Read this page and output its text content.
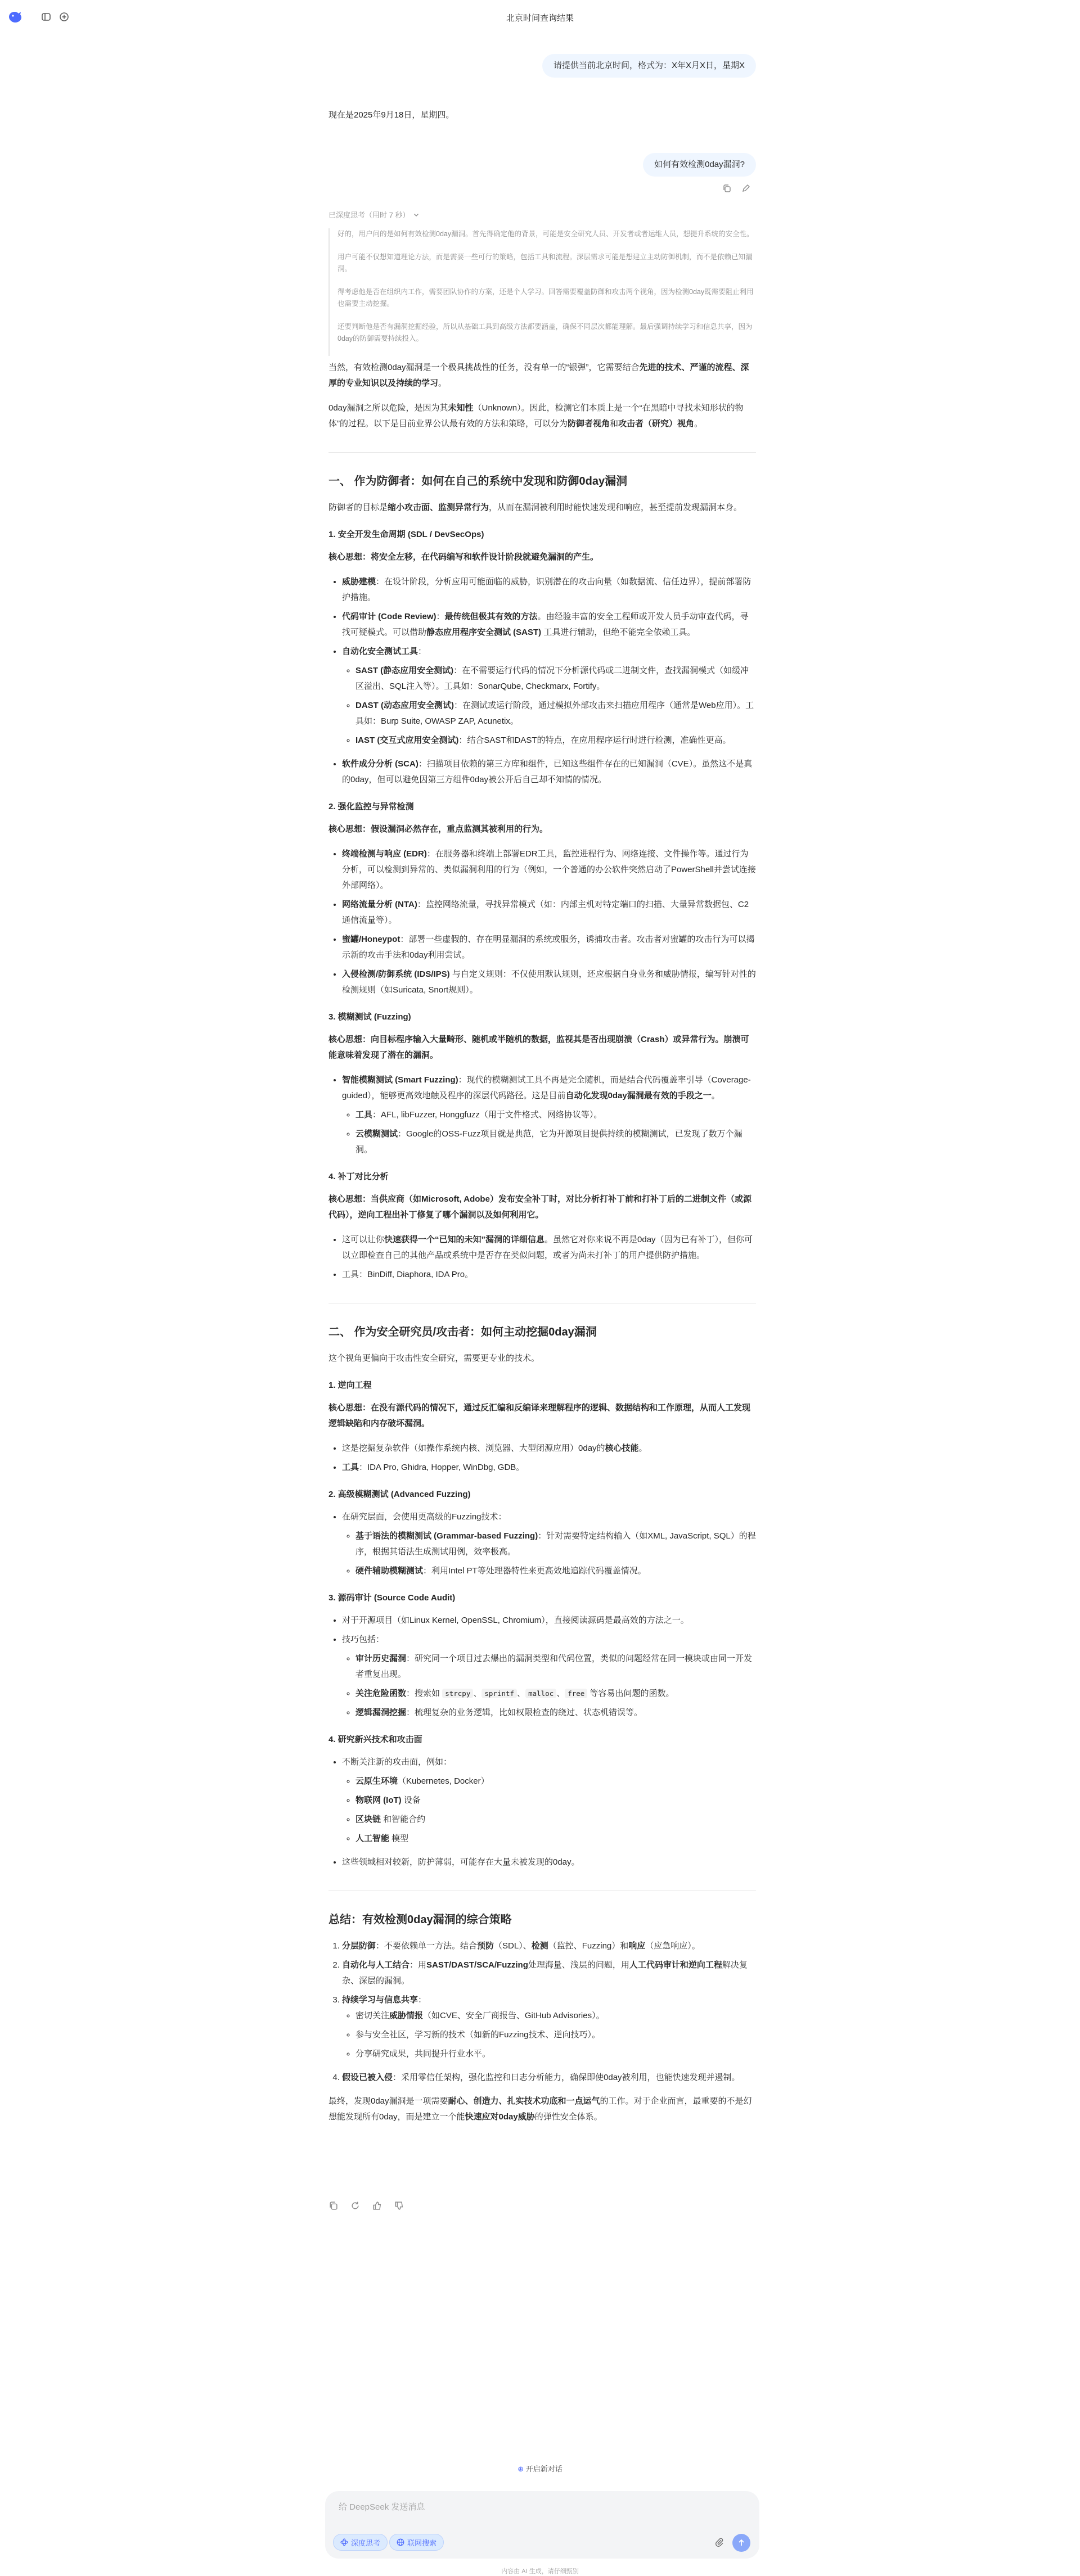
北京时间查询结果
请提供当前北京时间，格式为：X年X月X日，星期X
现在是2025年9月18日，星期四。
如何有效检测0day漏洞?
已深度思考（用时 7 秒）

好的，用户问的是如何有效检测0day漏洞。首先得确定他的背景，可能是安全研究人员、开发者或者运维人员，想提升系统的安全性。

用户可能不仅想知道理论方法，而是需要一些可行的策略，包括工具和流程。深层需求可能是想建立主动防御机制，而不是依赖已知漏洞。

得考虑他是否在组织内工作，需要团队协作的方案，还是个人学习。回答需要覆盖防御和攻击两个视角，因为检测0day既需要阻止利用也需要主动挖掘。

还要判断他是否有漏洞挖掘经验，所以从基础工具到高级方法都要涵盖，确保不同层次都能理解。最后强调持续学习和信息共享，因为0day的防御需要持续投入。

当然，有效检测0day漏洞是一个极具挑战性的任务，没有单一的“银弹”，它需要结合先进的技术、严谨的流程、深厚的专业知识以及持续的学习。

0day漏洞之所以危险，是因为其未知性（Unknown）。因此，检测它们本质上是一个“在黑暗中寻找未知形状的物体”的过程。以下是目前业界公认最有效的方法和策略，可以分为防御者视角和攻击者（研究）视角。

一、 作为防御者：如何在自己的系统中发现和防御0day漏洞

防御者的目标是缩小攻击面、监测异常行为，从而在漏洞被利用时能快速发现和响应，甚至提前发现漏洞本身。

1. 安全开发生命周期 (SDL / DevSecOps)

核心思想：将安全左移，在代码编写和软件设计阶段就避免漏洞的产生。

• 威胁建模：在设计阶段，分析应用可能面临的威胁，识别潜在的攻击向量（如数据流、信任边界），提前部署防护措施。
• 代码审计 (Code Review)：最传统但极其有效的方法。由经验丰富的安全工程师或开发人员手动审查代码，寻找可疑模式。可以借助静态应用程序安全测试 (SAST) 工具进行辅助，但绝不能完全依赖工具。
• 自动化安全测试工具：
◦ SAST (静态应用安全测试)：在不需要运行代码的情况下分析源代码或二进制文件，查找漏洞模式（如缓冲区溢出、SQL注入等）。工具如：SonarQube, Checkmarx, Fortify。
◦ DAST (动态应用安全测试)：在测试或运行阶段，通过模拟外部攻击来扫描应用程序（通常是Web应用）。工具如：Burp Suite, OWASP ZAP, Acunetix。
◦ IAST (交互式应用安全测试)：结合SAST和DAST的特点，在应用程序运行时进行检测，准确性更高。
• 软件成分分析 (SCA)：扫描项目依赖的第三方库和组件，已知这些组件存在的已知漏洞（CVE）。虽然这不是真的0day，但可以避免因第三方组件0day被公开后自己却不知情的情况。
2. 强化监控与异常检测

核心思想：假设漏洞必然存在，重点监测其被利用的行为。

• 终端检测与响应 (EDR)：在服务器和终端上部署EDR工具，监控进程行为、网络连接、文件操作等。通过行为分析，可以检测到异常的、类似漏洞利用的行为（例如，一个普通的办公软件突然启动了PowerShell并尝试连接外部网络）。
• 网络流量分析 (NTA)：监控网络流量，寻找异常模式（如：内部主机对特定端口的扫描、大量异常数据包、C2通信流量等）。
• 蜜罐/Honeypot：部署一些虚假的、存在明显漏洞的系统或服务，诱捕攻击者。攻击者对蜜罐的攻击行为可以揭示新的攻击手法和0day利用尝试。
• 入侵检测/防御系统 (IDS/IPS) 与自定义规则：不仅使用默认规则，还应根据自身业务和威胁情报，编写针对性的检测规则（如Suricata, Snort规则）。
3. 模糊测试 (Fuzzing)

核心思想：向目标程序输入大量畸形、随机或半随机的数据，监视其是否出现崩溃（Crash）或异常行为。崩溃可能意味着发现了潜在的漏洞。

• 智能模糊测试 (Smart Fuzzing)：现代的模糊测试工具不再是完全随机，而是结合代码覆盖率引导（Coverage-guided），能够更高效地触及程序的深层代码路径。这是目前自动化发现0day漏洞最有效的手段之一。
◦ 工具：AFL, libFuzzer, Honggfuzz（用于文件格式、网络协议等）。
◦ 云模糊测试：Google的OSS-Fuzz项目就是典范，它为开源项目提供持续的模糊测试，已发现了数万个漏洞。
4. 补丁对比分析

核心思想：当供应商（如Microsoft, Adobe）发布安全补丁时，对比分析打补丁前和打补丁后的二进制文件（或源代码），逆向工程出补丁修复了哪个漏洞以及如何利用它。

• 这可以让你快速获得一个“已知的未知”漏洞的详细信息。虽然它对你来说不再是0day（因为已有补丁），但你可以立即检查自己的其他产品或系统中是否存在类似问题，或者为尚未打补丁的用户提供防护措施。
• 工具：BinDiff, Diaphora, IDA Pro。
二、 作为安全研究员/攻击者：如何主动挖掘0day漏洞

这个视角更偏向于攻击性安全研究，需要更专业的技术。

1. 逆向工程

核心思想：在没有源代码的情况下，通过反汇编和反编译来理解程序的逻辑、数据结构和工作原理，从而人工发现逻辑缺陷和内存破坏漏洞。

• 这是挖掘复杂软件（如操作系统内核、浏览器、大型闭源应用）0day的核心技能。
• 工具：IDA Pro, Ghidra, Hopper, WinDbg, GDB。
2. 高级模糊测试 (Advanced Fuzzing)
• 在研究层面，会使用更高级的Fuzzing技术：
◦ 基于语法的模糊测试 (Grammar-based Fuzzing)：针对需要特定结构输入（如XML, JavaScript, SQL）的程序，根据其语法生成测试用例，效率极高。
◦ 硬件辅助模糊测试：利用Intel PT等处理器特性来更高效地追踪代码覆盖情况。
3. 源码审计 (Source Code Audit)
• 对于开源项目（如Linux Kernel, OpenSSL, Chromium），直接阅读源码是最高效的方法之一。
• 技巧包括：
◦ 审计历史漏洞：研究同一个项目过去爆出的漏洞类型和代码位置，类似的问题经常在同一模块或由同一开发者重复出现。
◦ 关注危险函数：搜索如 strcpy 、 sprintf 、 malloc 、 free 等容易出问题的函数。
◦ 逻辑漏洞挖掘：梳理复杂的业务逻辑，比如权限检查的绕过、状态机错误等。
4. 研究新兴技术和攻击面
• 不断关注新的攻击面，例如：
◦ 云原生环境（Kubernetes, Docker）
◦ 物联网 (IoT) 设备
◦ 区块链 和智能合约
◦ 人工智能 模型
• 这些领域相对较新，防护薄弱，可能存在大量未被发现的0day。
总结：有效检测0day漏洞的综合策略
1. 分层防御：不要依赖单一方法。结合预防（SDL）、检测（监控、Fuzzing）和响应（应急响应）。
2. 自动化与人工结合：用SAST/DAST/SCA/Fuzzing处理海量、浅层的问题，用人工代码审计和逆向工程解决复杂、深层的漏洞。
3. 持续学习与信息共享：
◦ 密切关注威胁情报（如CVE、安全厂商报告、GitHub Advisories）。
◦ 参与安全社区，学习新的技术（如新的Fuzzing技术、逆向技巧）。
◦ 分享研究成果，共同提升行业水平。
4. 假设已被入侵：采用零信任架构，强化监控和日志分析能力，确保即使0day被利用，也能快速发现并遏制。

最终，发现0day漏洞是一项需要耐心、创造力、扎实技术功底和一点运气的工作。对于企业而言，最重要的不是幻想能发现所有0day，而是建立一个能快速应对0day威胁的弹性安全体系。

⊕ 开启新对话
给 DeepSeek 发送消息
深度思考	联网搜索
内容由 AI 生成，请仔细甄别
